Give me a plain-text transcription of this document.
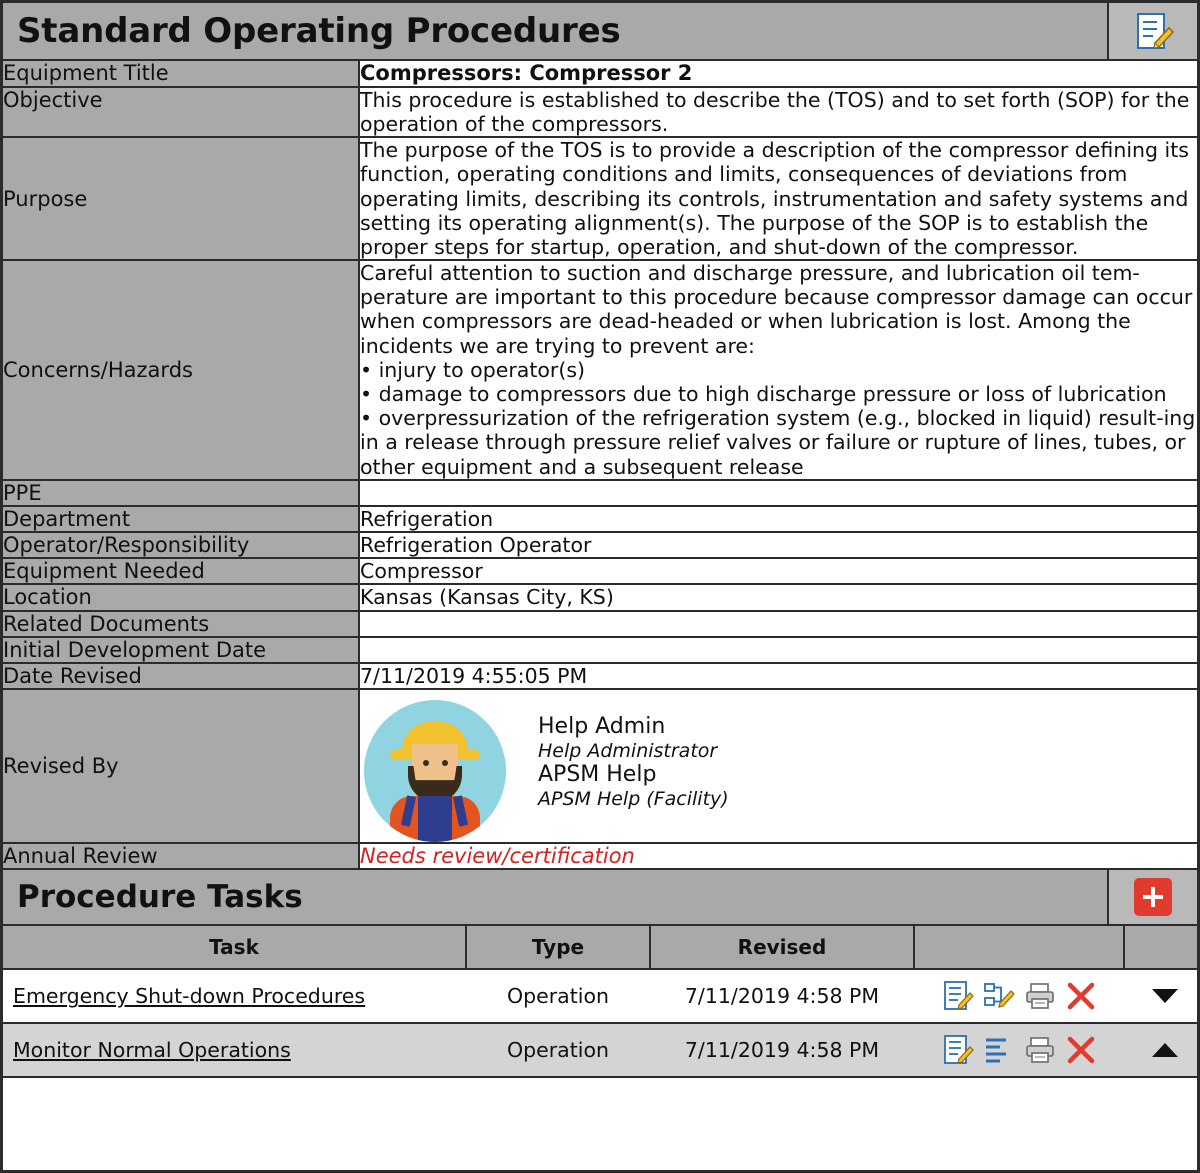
Standard Operating Procedures
Equipment Title	Compressors: Compressor 2
Objective	This procedure is established to describe the (TOS) and to set forth (SOP) for the operation of the compressors.
Purpose	The purpose of the TOS is to provide a description of the compressor defining its function, operating conditions and limits, consequences of deviations from operating limits, describing its controls, instrumentation and safety systems and setting its operating alignment(s). The purpose of the SOP is to establish the proper steps for startup, operation, and shut-down of the compressor.
Concerns/Hazards	Careful attention to suction and discharge pressure, and lubrication oil tem-perature are important to this procedure because compressor damage can occur when compressors are dead-headed or when lubrication is lost. Among the incidents we are trying to prevent are:

• injury to operator(s)

• damage to compressors due to high discharge pressure or loss of lubrication

• overpressurization of the refrigeration system (e.g., blocked in liquid) result-ing in a release through pressure relief valves or failure or rupture of lines, tubes, or other equipment and a subsequent release

PPE	
Department	Refrigeration
Operator/Responsibility	Refrigeration Operator
Equipment Needed	Compressor
Location	Kansas (Kansas City, KS)
Related Documents	
Initial Development Date	
Date Revised	7/11/2019 4:55:05 PM
Revised By	Help Admin

Help Administrator

APSM Help

APSM Help (Facility)

Annual Review	Needs review/certification
Procedure Tasks
Task	Type	Revised		
Emergency Shut-down Procedures	Operation	7/11/2019 4:58 PM	

Monitor Normal Operations	Operation	7/11/2019 4:58 PM	
